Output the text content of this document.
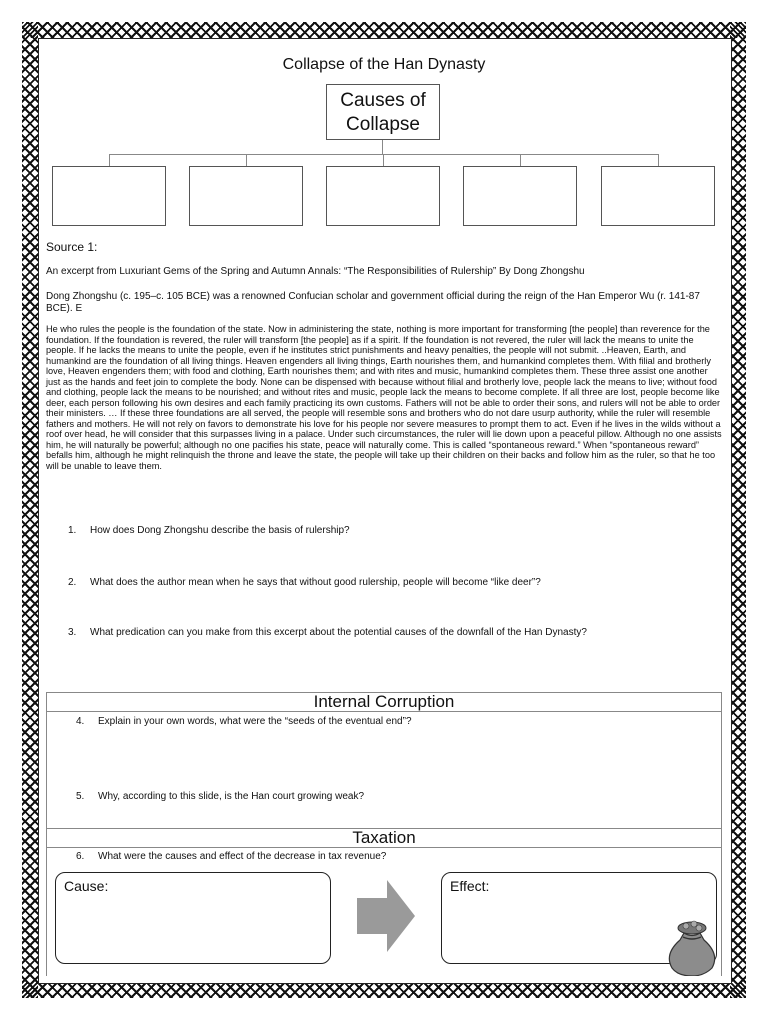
Collapse of the Han Dynasty
Causes of
Collapse
Source 1:
An excerpt from Luxuriant Gems of the Spring and Autumn Annals: “The Responsibilities of Rulership” By Dong Zhongshu
Dong Zhongshu (c. 195–c. 105 BCE) was a renowned Confucian scholar and government official during the reign of the Han Emperor Wu (r. 141-87 BCE). E
He who rules the people is the foundation of the state. Now in administering the state, nothing is more important for transforming [the people] than reverence for the foundation. If the foundation is revered, the ruler will transform [the people] as if a spirit. If the foundation is not revered, the ruler will lack the means to unite the people. If he lacks the means to unite the people, even if he institutes strict punishments and heavy penalties, the people will not submit. ..Heaven, Earth, and humankind are the foundation of all living things. Heaven engenders all living things, Earth nourishes them, and humankind completes them. With filial and brotherly love, Heaven engenders them; with food and clothing, Earth nourishes them; and with rites and music, humankind completes them. These three assist one another just as the hands and feet join to complete the body. None can be dispensed with because without filial and brotherly love, people lack the means to live; without food and clothing, people lack the means to be nourished; and without rites and music, people lack the means to become complete. If all three are lost, people become like deer, each person following his own desires and each family practicing its own customs. Fathers will not be able to order their sons, and rulers will not be able to order their ministers. … If these three foundations are all served, the people will resemble sons and brothers who do not dare usurp authority, while the ruler will resemble fathers and mothers. He will not rely on favors to demonstrate his love for his people nor severe measures to prompt them to act. Even if he lives in the wilds without a roof over head, he will consider that this surpasses living in a palace. Under such circumstances, the ruler will lie down upon a peaceful pillow. Although no one assists him, he will naturally be powerful; although no one pacifies his state, peace will naturally come. This is called “spontaneous reward.” When “spontaneous reward” befalls him, although he might relinquish the throne and leave the state, the people will take up their children on their backs and follow him as the ruler, so that he too will be unable to leave them.
1. How does Dong Zhongshu describe the basis of rulership?
2. What does the author mean when he says that without good rulership, people will become “like deer”?
3. What predication can you make from this excerpt about the potential causes of the downfall of the Han Dynasty?
Internal Corruption
4. Explain in your own words, what were the “seeds of the eventual end”?
5. Why, according to this slide, is the Han court growing weak?
Taxation
6. What were the causes and effect of the decrease in tax revenue?
Cause:	Effect:
